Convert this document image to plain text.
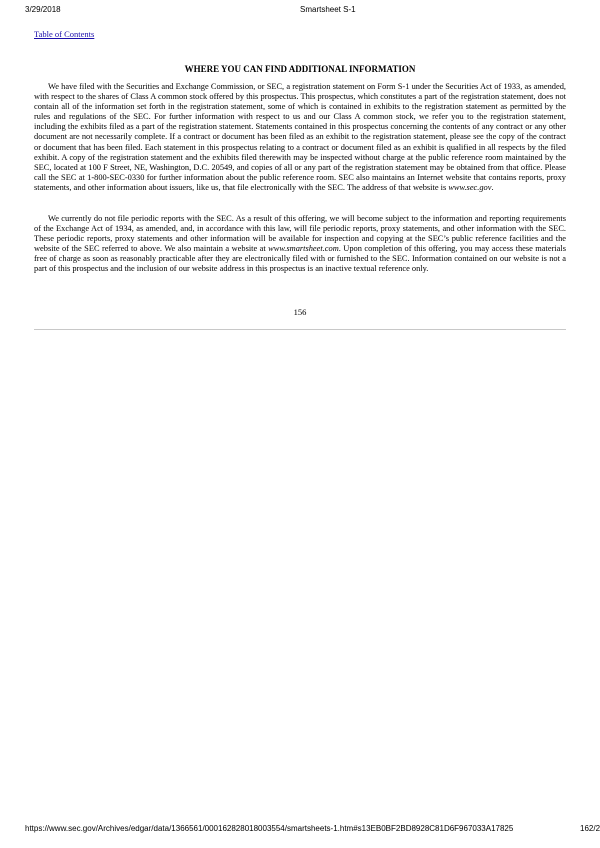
3/29/2018	Smartsheet S-1
Table of Contents
WHERE YOU CAN FIND ADDITIONAL INFORMATION

We have filed with the Securities and Exchange Commission, or SEC, a registration statement on Form S-1 under the Securities Act of 1933, as amended, with respect to the shares of Class A common stock offered by this prospectus. This prospectus, which constitutes a part of the registration statement, does not contain all of the information set forth in the registration statement, some of which is contained in exhibits to the registration statement as permitted by the rules and regulations of the SEC. For further information with respect to us and our Class A common stock, we refer you to the registration statement, including the exhibits filed as a part of the registration statement. Statements contained in this prospectus concerning the contents of any contract or any other document are not necessarily complete. If a contract or document has been filed as an exhibit to the registration statement, please see the copy of the contract or document that has been filed. Each statement in this prospectus relating to a contract or document filed as an exhibit is qualified in all respects by the filed exhibit. A copy of the registration statement and the exhibits filed therewith may be inspected without charge at the public reference room maintained by the SEC, located at 100 F Street, NE, Washington, D.C. 20549, and copies of all or any part of the registration statement may be obtained from that office. Please call the SEC at 1-800-SEC-0330 for further information about the public reference room. SEC also maintains an Internet website that contains reports, proxy statements, and other information about issuers, like us, that file electronically with the SEC. The address of that website is www.sec.gov.

We currently do not file periodic reports with the SEC. As a result of this offering, we will become subject to the information and reporting requirements of the Exchange Act of 1934, as amended, and, in accordance with this law, will file periodic reports, proxy statements, and other information with the SEC. These periodic reports, proxy statements and other information will be available for inspection and copying at the SEC’s public reference facilities and the website of the SEC referred to above. We also maintain a website at www.smartsheet.com. Upon completion of this offering, you may access these materials free of charge as soon as reasonably practicable after they are electronically filed with or furnished to the SEC. Information contained on our website is not a part of this prospectus and the inclusion of our website address in this prospectus is an inactive textual reference only.

156
https://www.sec.gov/Archives/edgar/data/1366561/000162828018003554/smartsheets-1.htm#s13EB0BF2BD8928C81D6F967033A17825	162/2
